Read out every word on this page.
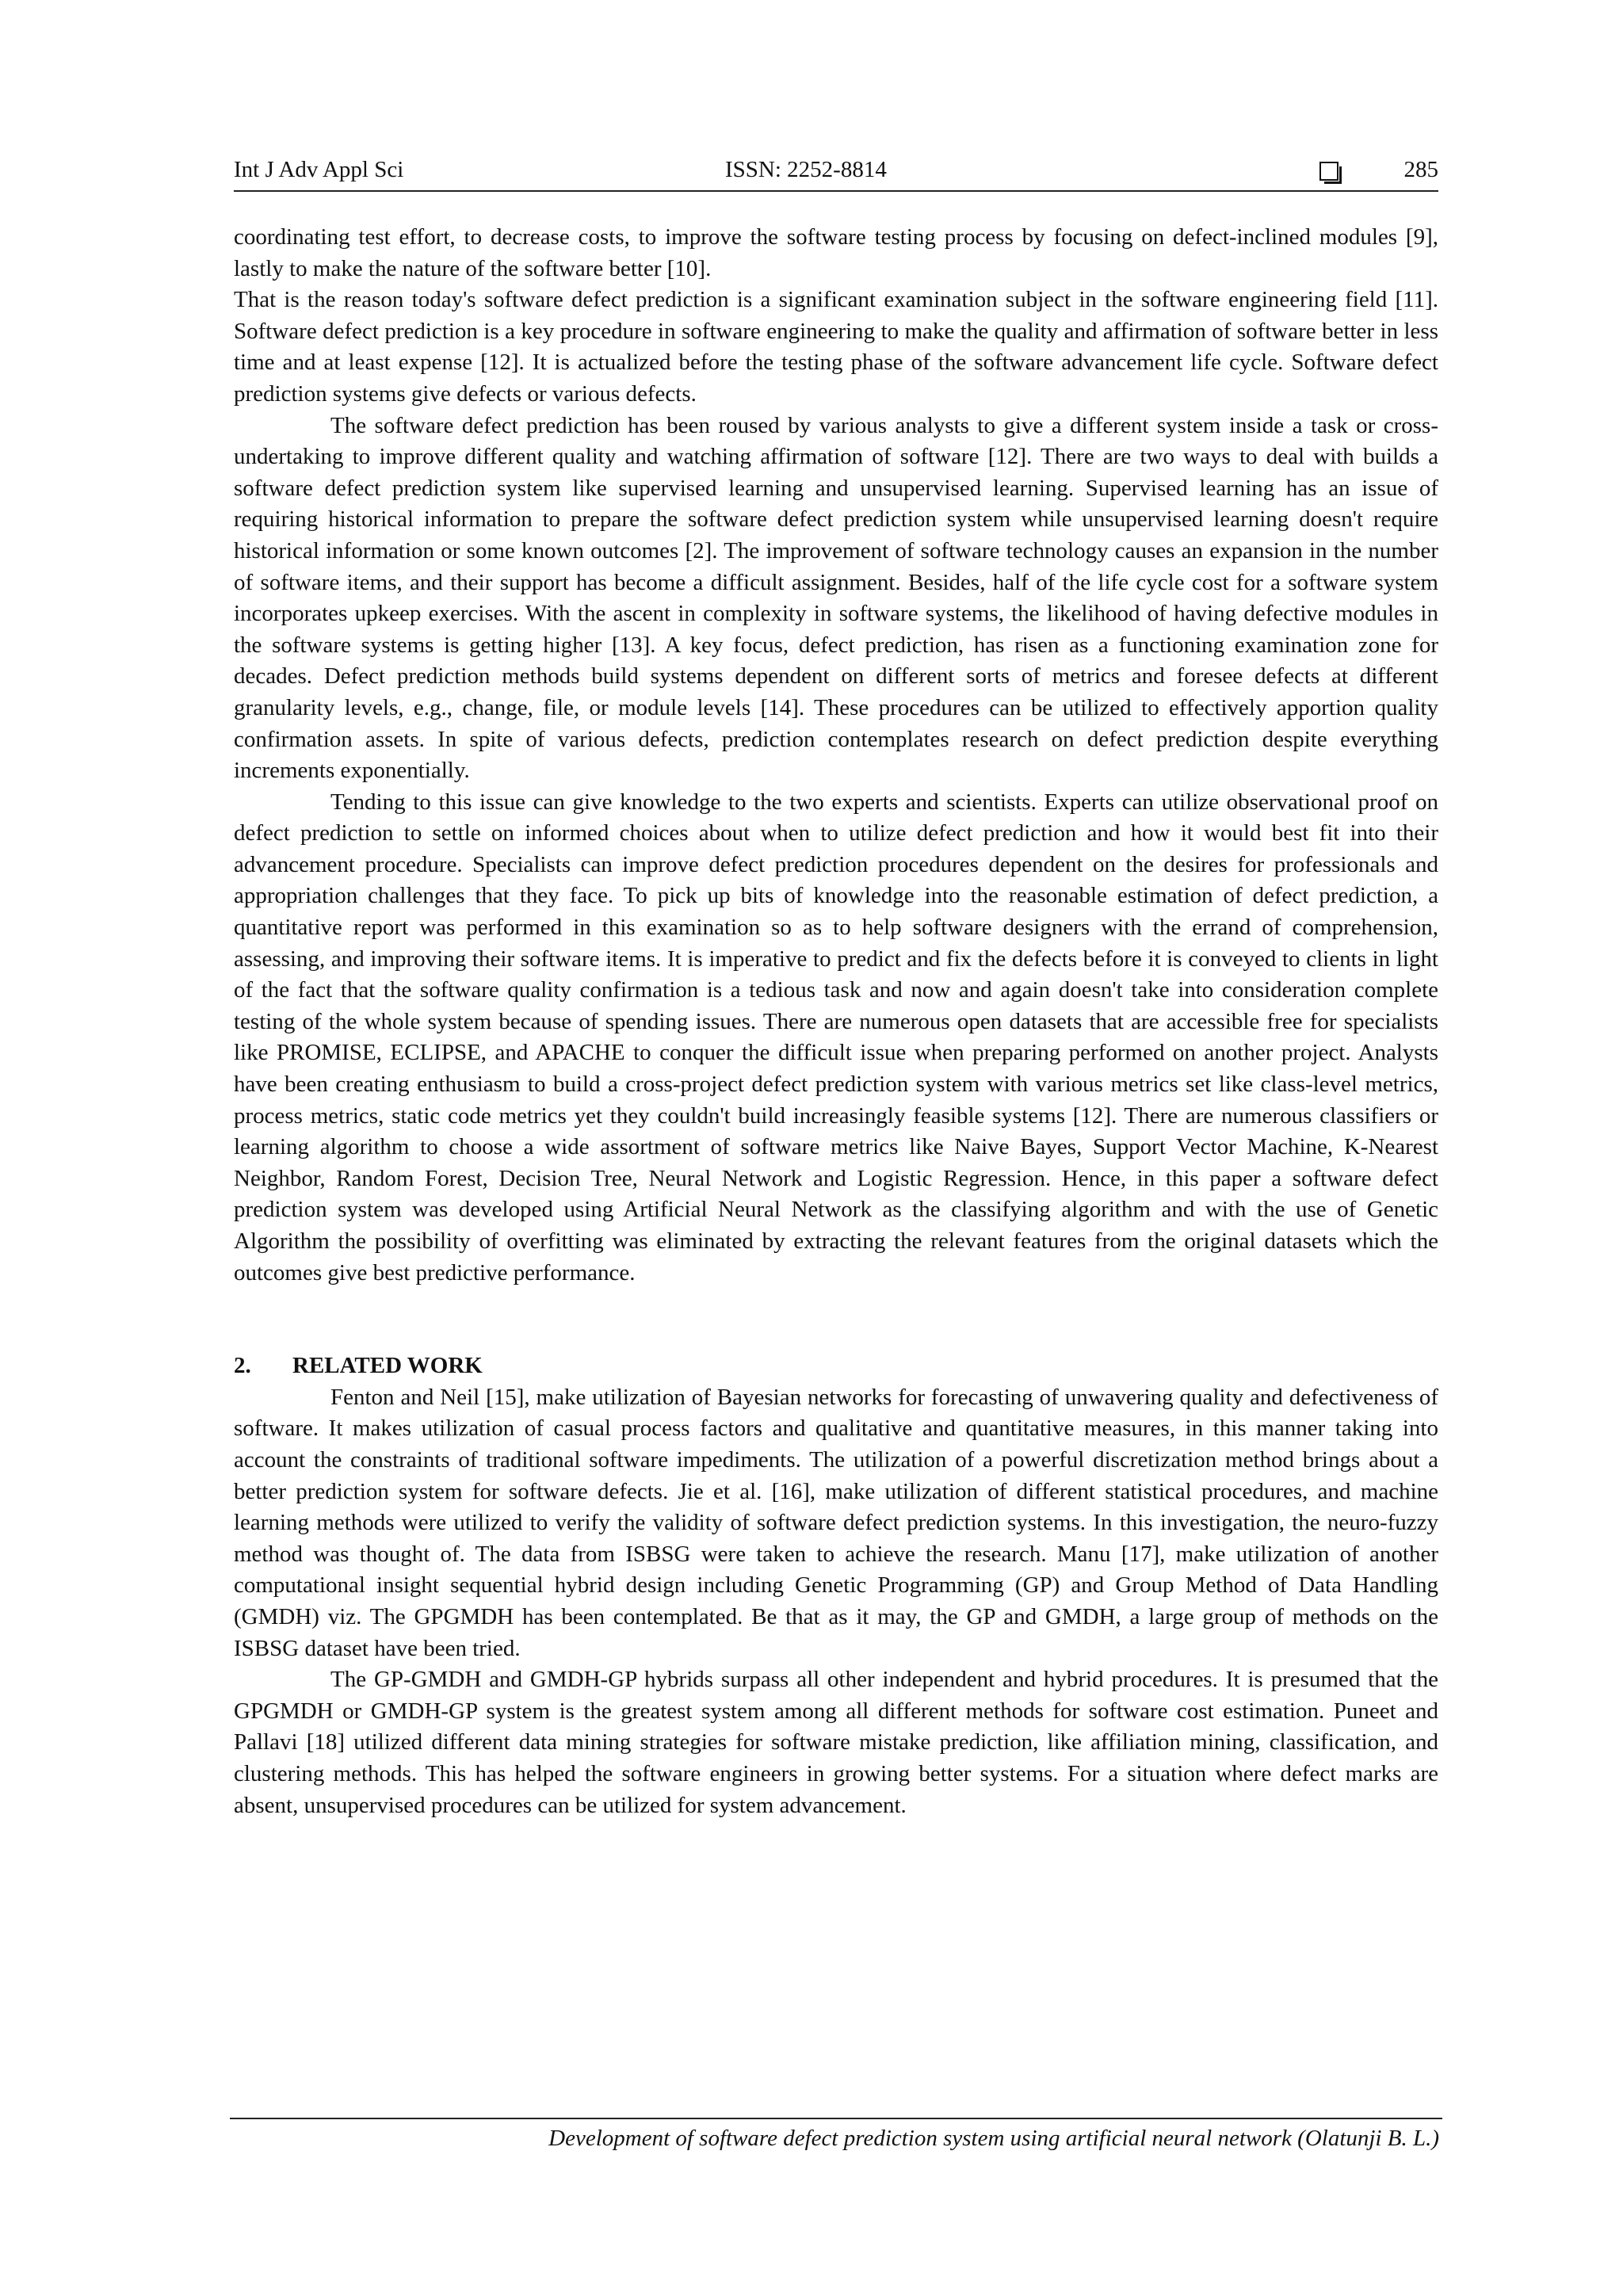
Int J Adv Appl Sci	ISSN: 2252-8814	285

coordinating test effort, to decrease costs, to improve the software testing process by focusing on defect-inclined modules [9], lastly to make the nature of the software better [10].

That is the reason today's software defect prediction is a significant examination subject in the software engineering field [11]. Software defect prediction is a key procedure in software engineering to make the quality and affirmation of software better in less time and at least expense [12]. It is actualized before the testing phase of the software advancement life cycle. Software defect prediction systems give defects or various defects.

The software defect prediction has been roused by various analysts to give a different system inside a task or cross-undertaking to improve different quality and watching affirmation of software [12]. There are two ways to deal with builds a software defect prediction system like supervised learning and unsupervised learning. Supervised learning has an issue of requiring historical information to prepare the software defect prediction system while unsupervised learning doesn't require historical information or some known outcomes [2]. The improvement of software technology causes an expansion in the number of software items, and their support has become a difficult assignment. Besides, half of the life cycle cost for a software system incorporates upkeep exercises. With the ascent in complexity in software systems, the likelihood of having defective modules in the software systems is getting higher [13]. A key focus, defect prediction, has risen as a functioning examination zone for decades. Defect prediction methods build systems dependent on different sorts of metrics and foresee defects at different granularity levels, e.g., change, file, or module levels [14]. These procedures can be utilized to effectively apportion quality confirmation assets. In spite of various defects, prediction contemplates research on defect prediction despite everything increments exponentially.

Tending to this issue can give knowledge to the two experts and scientists. Experts can utilize observational proof on defect prediction to settle on informed choices about when to utilize defect prediction and how it would best fit into their advancement procedure. Specialists can improve defect prediction procedures dependent on the desires for professionals and appropriation challenges that they face. To pick up bits of knowledge into the reasonable estimation of defect prediction, a quantitative report was performed in this examination so as to help software designers with the errand of comprehension, assessing, and improving their software items. It is imperative to predict and fix the defects before it is conveyed to clients in light of the fact that the software quality confirmation is a tedious task and now and again doesn't take into consideration complete testing of the whole system because of spending issues. There are numerous open datasets that are accessible free for specialists like PROMISE, ECLIPSE, and APACHE to conquer the difficult issue when preparing performed on another project. Analysts have been creating enthusiasm to build a cross-project defect prediction system with various metrics set like class-level metrics, process metrics, static code metrics yet they couldn't build increasingly feasible systems [12]. There are numerous classifiers or learning algorithm to choose a wide assortment of software metrics like Naive Bayes, Support Vector Machine, K-Nearest Neighbor, Random Forest, Decision Tree, Neural Network and Logistic Regression. Hence, in this paper a software defect prediction system was developed using Artificial Neural Network as the classifying algorithm and with the use of Genetic Algorithm the possibility of overfitting was eliminated by extracting the relevant features from the original datasets which the outcomes give best predictive performance.

2. RELATED WORK

Fenton and Neil [15], make utilization of Bayesian networks for forecasting of unwavering quality and defectiveness of software. It makes utilization of casual process factors and qualitative and quantitative measures, in this manner taking into account the constraints of traditional software impediments. The utilization of a powerful discretization method brings about a better prediction system for software defects. Jie et al. [16], make utilization of different statistical procedures, and machine learning methods were utilized to verify the validity of software defect prediction systems. In this investigation, the neuro-fuzzy method was thought of. The data from ISBSG were taken to achieve the research. Manu [17], make utilization of another computational insight sequential hybrid design including Genetic Programming (GP) and Group Method of Data Handling (GMDH) viz. The GPGMDH has been contemplated. Be that as it may, the GP and GMDH, a large group of methods on the ISBSG dataset have been tried.

The GP-GMDH and GMDH-GP hybrids surpass all other independent and hybrid procedures. It is presumed that the GPGMDH or GMDH-GP system is the greatest system among all different methods for software cost estimation. Puneet and Pallavi [18] utilized different data mining strategies for software mistake prediction, like affiliation mining, classification, and clustering methods. This has helped the software engineers in growing better systems. For a situation where defect marks are absent, unsupervised procedures can be utilized for system advancement.

Development of software defect prediction system using artificial neural network (Olatunji B. L.)
